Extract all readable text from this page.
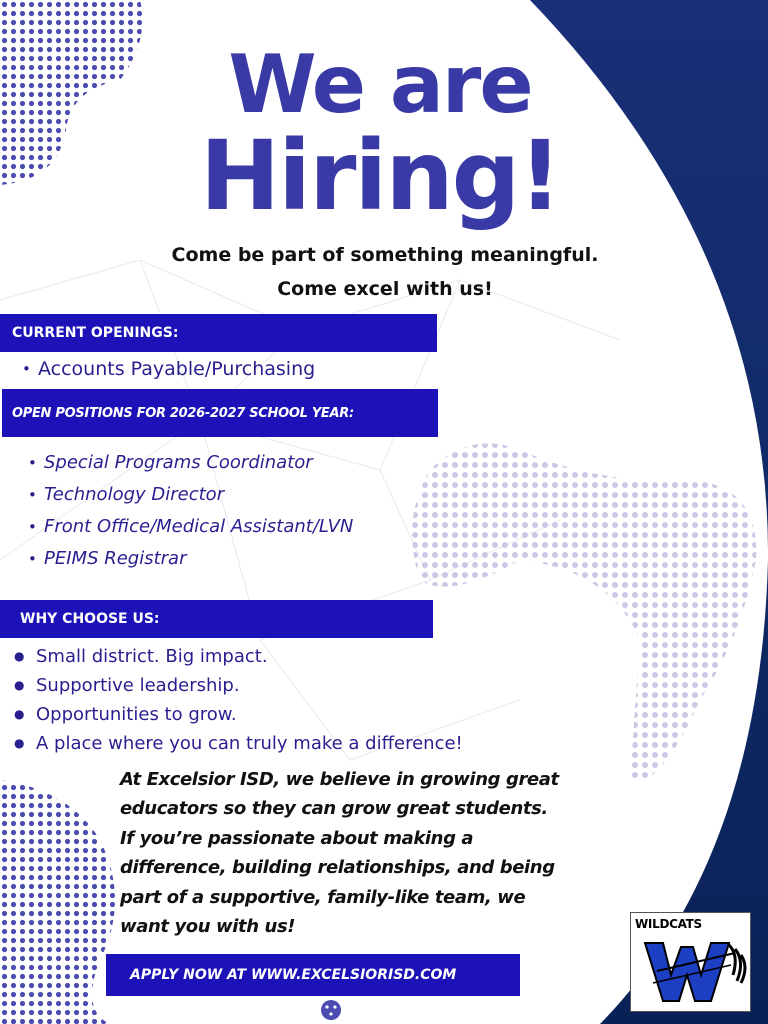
We are
Hiring!
Come be part of something meaningful.
Come excel with us!
CURRENT OPENINGS:
• Accounts Payable/Purchasing
OPEN POSITIONS FOR 2026-2027 SCHOOL YEAR:
• Special Programs Coordinator
• Technology Director
• Front Office/Medical Assistant/LVN
• PEIMS Registrar
WHY CHOOSE US:
● Small district. Big impact.
● Supportive leadership.
● Opportunities to grow.
● A place where you can truly make a difference!
At Excelsior ISD, we believe in growing great
educators so they can grow great students.
If you’re passionate about making a
difference, building relationships, and being
part of a supportive, family-like team, we
want you with us!
APPLY NOW AT WWW.EXCELSIORISD.COM
WILDCATS
